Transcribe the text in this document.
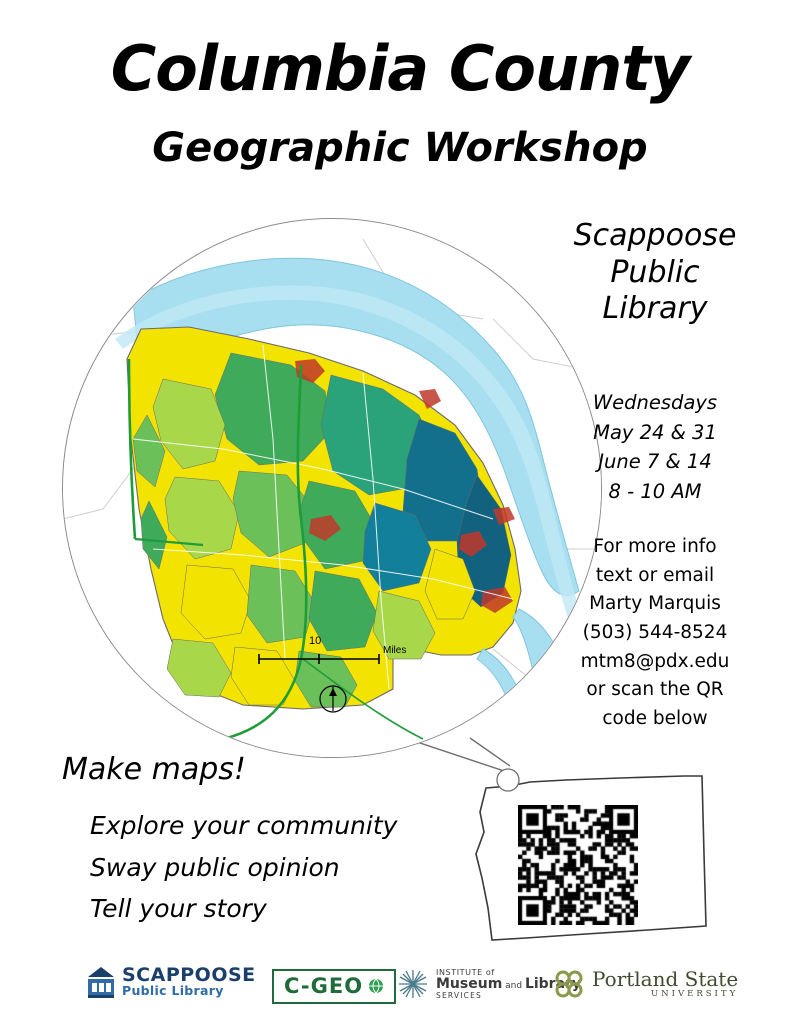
Columbia County
Geographic Workshop
10
Miles
Scappoose
Public
Library
Wednesdays
May 24 & 31
June 7 & 14
8 - 10 AM
For more info
text or email
Marty Marquis
(503) 544-8524
mtm8@pdx.edu
or scan the QR
code below
Make maps!
Explore your community
Sway public opinion
Tell your story
SCAPPOOSE
Public Library	C-GEO
INSTITUTE of
Museum and Library
SERVICES
Portland State
UNIVERSITY
